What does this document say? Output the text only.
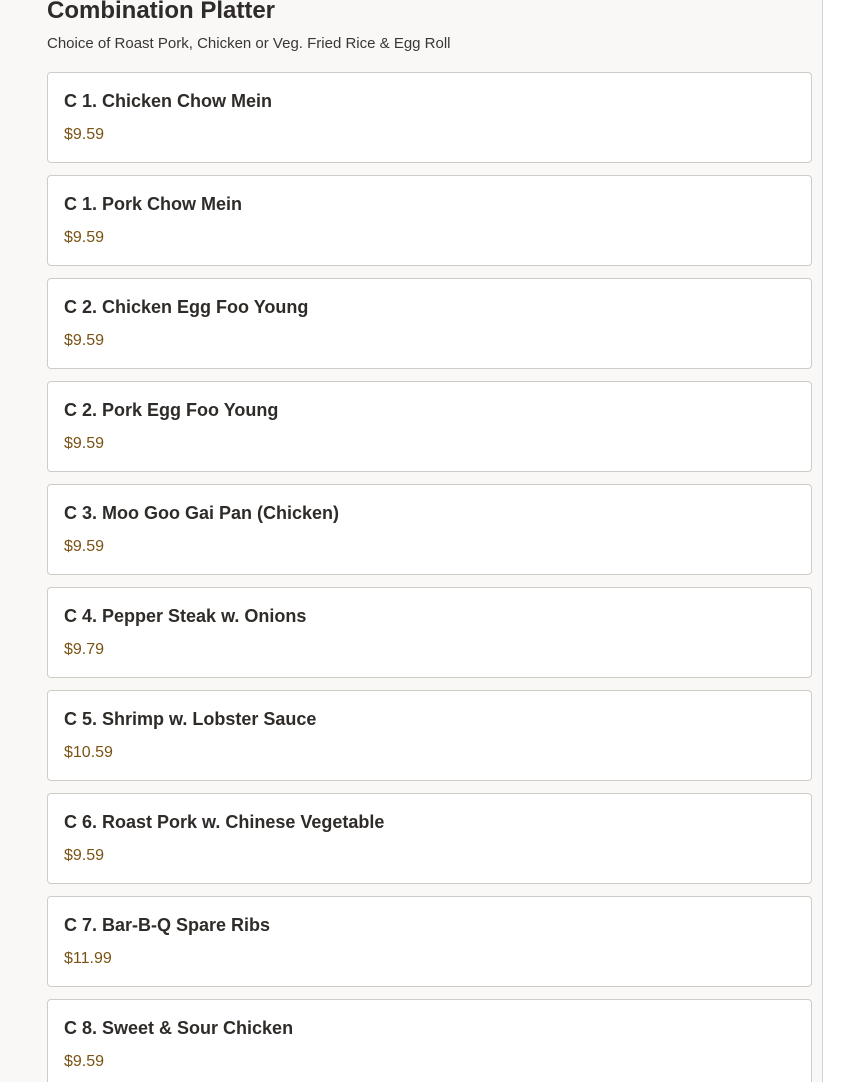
Combination Platter

Choice of Roast Pork, Chicken or Veg. Fried Rice & Egg Roll

C 1. Chicken Chow Mein
$9.59
C 1. Pork Chow Mein
$9.59
C 2. Chicken Egg Foo Young
$9.59
C 2. Pork Egg Foo Young
$9.59
C 3. Moo Goo Gai Pan (Chicken)
$9.59
C 4. Pepper Steak w. Onions
$9.79
C 5. Shrimp w. Lobster Sauce
$10.59
C 6. Roast Pork w. Chinese Vegetable
$9.59
C 7. Bar-B-Q Spare Ribs
$11.99
C 8. Sweet & Sour Chicken
$9.59
